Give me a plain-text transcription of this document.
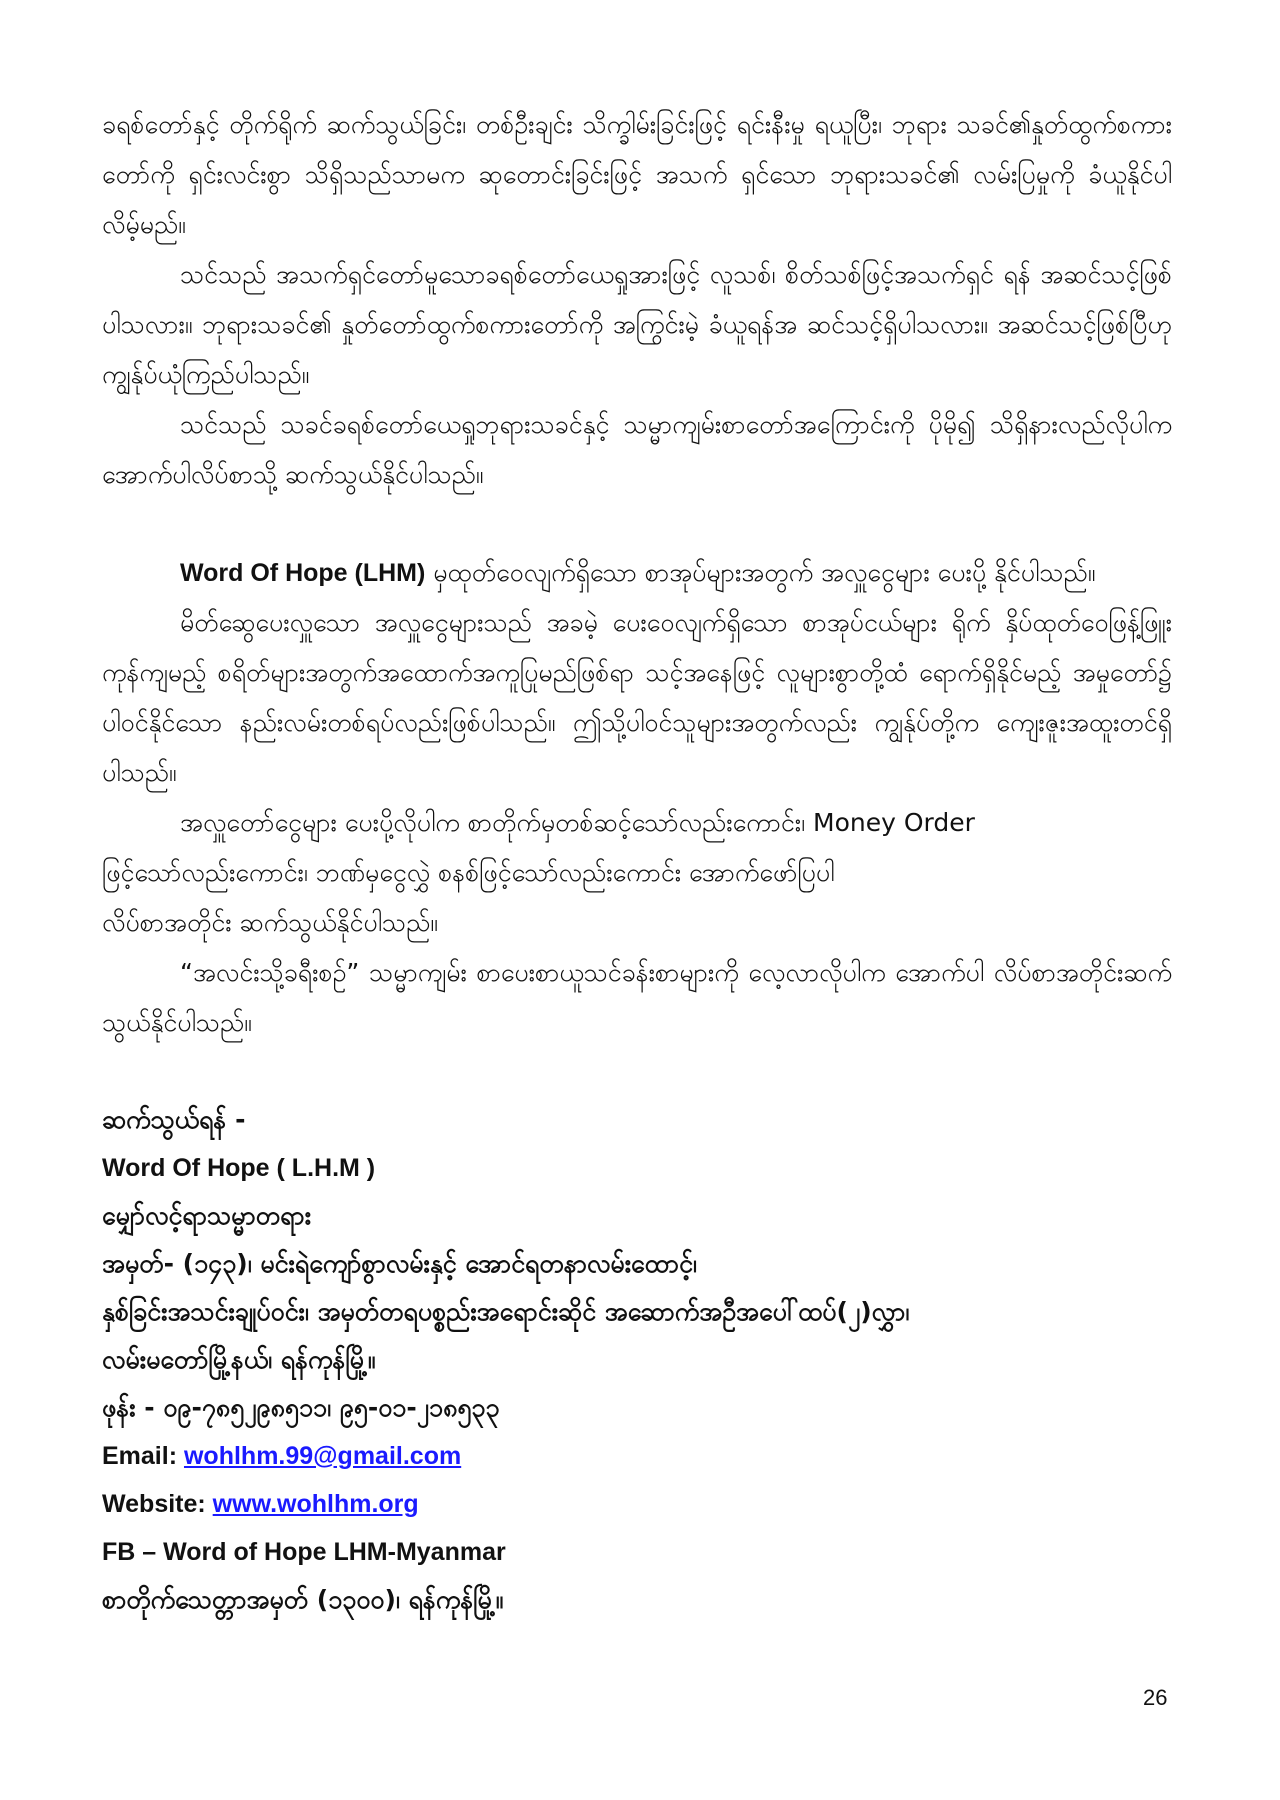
ခရစ်တော်နှင့် တိုက်ရိုက် ဆက်သွယ်ခြင်း၊ တစ်ဦးချင်း သိက္ခါမ်းခြင်းဖြင့် ရင်းနီးမှု ရယူပြီး၊ ဘုရား သခင်၏နှုတ်ထွက်စကားတော်ကို ရှင်းလင်းစွာ သိရှိသည်သာမက ဆုတောင်းခြင်းဖြင့် အသက် ရှင်သော ဘုရားသခင်၏ လမ်းပြမှုကို ခံယူနိုင်ပါလိမ့်မည်။

သင်သည် အသက်ရှင်တော်မူသောခရစ်တော်ယေရှုအားဖြင့် လူသစ်၊ စိတ်သစ်ဖြင့်အသက်ရှင် ရန် အဆင်သင့်ဖြစ်ပါသလား။ ဘုရားသခင်၏ နှုတ်တော်ထွက်စကားတော်ကို အကြွင်းမဲ့ ခံယူရန်အ ဆင်သင့်ရှိပါသလား။ အဆင်သင့်ဖြစ်ပြီဟု ကျွန်ုပ်ယုံကြည်ပါသည်။

သင်သည် သခင်ခရစ်တော်ယေရှုဘုရားသခင်နှင့် သမ္မာကျမ်းစာတော်အကြောင်းကို ပိုမို၍ သိရှိနားလည်လိုပါက အောက်ပါလိပ်စာသို့ ဆက်သွယ်နိုင်ပါသည်။

Word Of Hope (LHM) မှထုတ်ဝေလျက်ရှိသော စာအုပ်များအတွက် အလှူငွေများ ပေးပို့ နိုင်ပါသည်။

မိတ်ဆွေပေးလှူသော အလှူငွေများသည် အခမဲ့ ပေးဝေလျက်ရှိသော စာအုပ်ငယ်များ ရိုက် နှိပ်ထုတ်ဝေဖြန့်ဖြူးကုန်ကျမည့် စရိတ်များအတွက်အထောက်အကူပြုမည်ဖြစ်ရာ သင့်အနေဖြင့် လူများစွာတို့ထံ ရောက်ရှိနိုင်မည့် အမှုတော်၌ ပါဝင်နိုင်သော နည်းလမ်းတစ်ရပ်လည်းဖြစ်ပါသည်။ ဤသို့ပါဝင်သူများအတွက်လည်း ကျွန်ုပ်တို့က ကျေးဇူးအထူးတင်ရှိပါသည်။

အလှူတော်ငွေများ ပေးပို့လိုပါက စာတိုက်မှတစ်ဆင့်သော်လည်းကောင်း၊ Money Order
ဖြင့်သော်လည်းကောင်း၊ ဘဏ်မှငွေလွှဲ စနစ်ဖြင့်သော်လည်းကောင်း အောက်ဖော်ပြပါ
လိပ်စာအတိုင်း ဆက်သွယ်နိုင်ပါသည်။

“အလင်းသို့ခရီးစဉ်” သမ္မာကျမ်း စာပေးစာယူသင်ခန်းစာများကို လေ့လာလိုပါက အောက်ပါ လိပ်စာအတိုင်းဆက်သွယ်နိုင်ပါသည်။

ဆက်သွယ်ရန် -

Word Of Hope ( L.H.M )

မျှော်လင့်ရာသမ္မာတရား

အမှတ်- (၁၄၃)၊ မင်းရဲကျော်စွာလမ်းနှင့် အောင်ရတနာလမ်းထောင့်၊

နှစ်ခြင်းအသင်းချုပ်ဝင်း၊ အမှတ်တရပစ္စည်းအရောင်းဆိုင် အဆောက်အဦအပေါ်ထပ်(၂)လွှာ၊

လမ်းမတော်မြို့နယ်၊ ရန်ကုန်မြို့။

ဖုန်း - ၀၉-၇၈၅၂၉၈၅၁၁၊ ၉၅-၀၁-၂၁၈၅၃၃

Email: wohlhm.99@gmail.com

Website: www.wohlhm.org

FB – Word of Hope LHM-Myanmar

စာတိုက်သေတ္တာအမှတ် (၁၃၀၀)၊ ရန်ကုန်မြို့။

26
